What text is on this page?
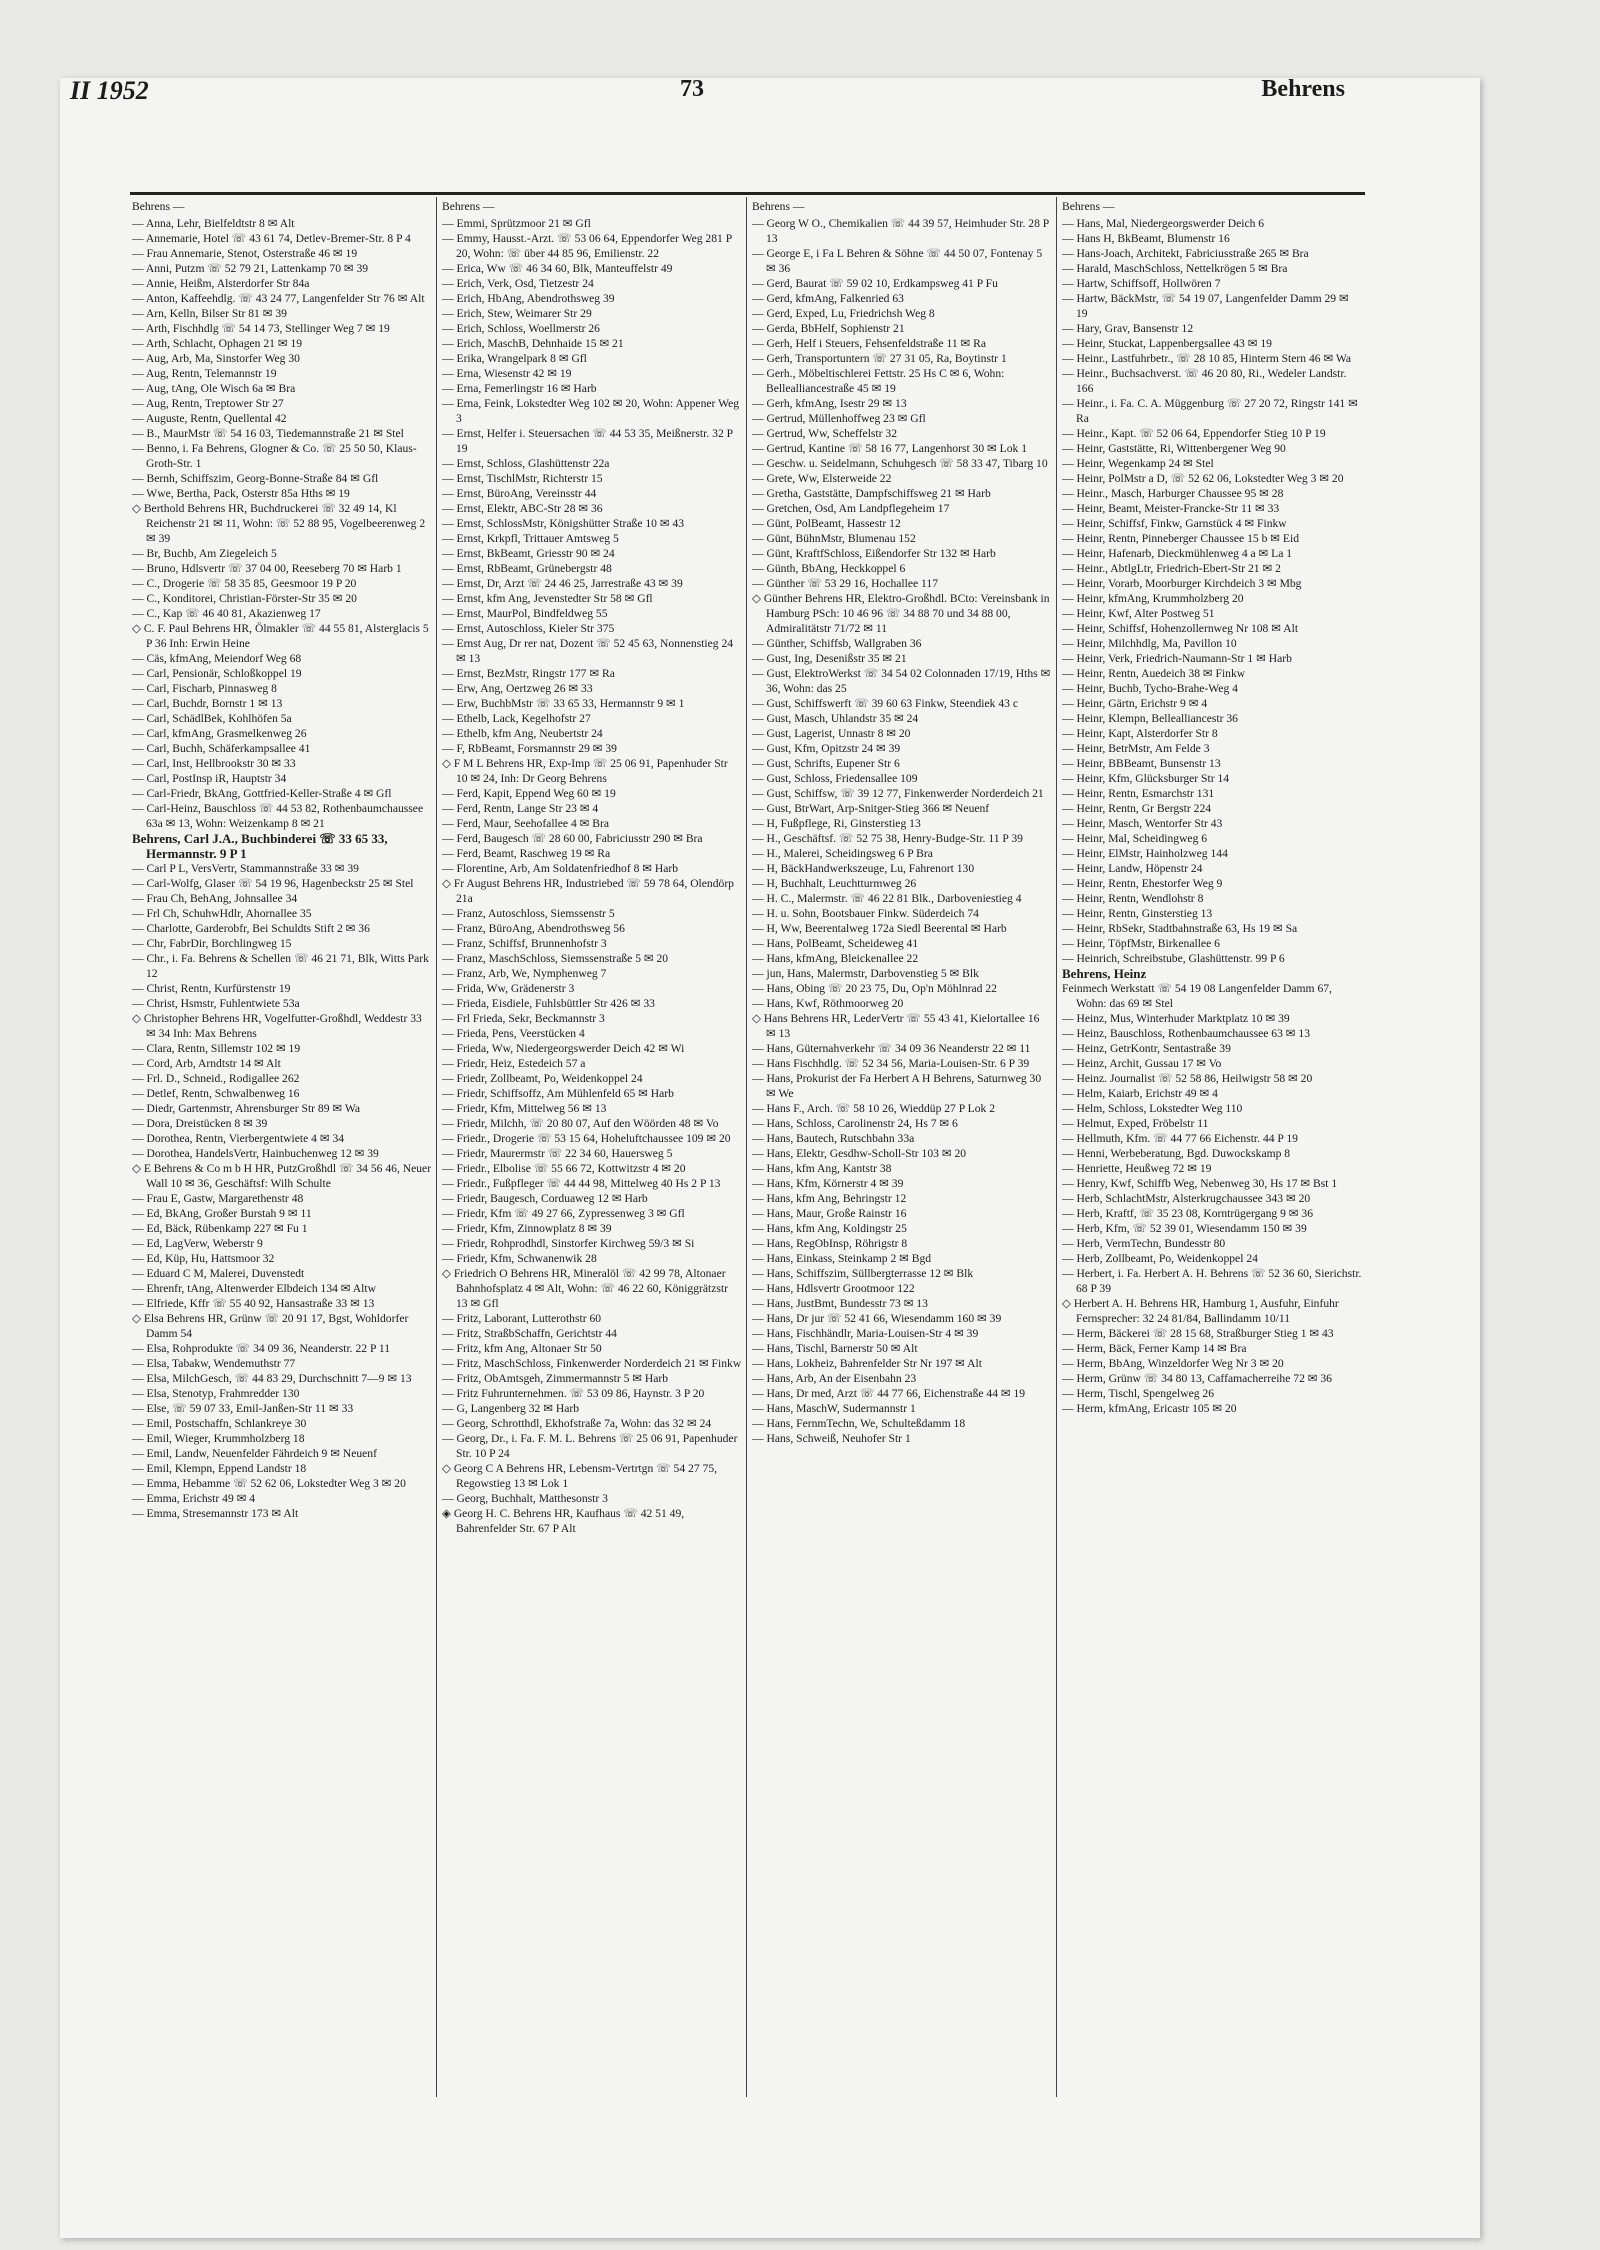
II 1952	73	Behrens
Behrens —

— Anna, Lehr, Bielfeldtstr 8 ✉ Alt

— Annemarie, Hotel ☏ 43 61 74, Detlev-Bremer-Str. 8 P 4

— Frau Annemarie, Stenot, Osterstraße 46 ✉ 19

— Anni, Putzm ☏ 52 79 21, Lattenkamp 70 ✉ 39

— Annie, Heißm, Alsterdorfer Str 84a

— Anton, Kaffeehdlg. ☏ 43 24 77, Langenfelder Str 76 ✉ Alt

— Arn, Kelln, Bilser Str 81 ✉ 39

— Arth, Fischhdlg ☏ 54 14 73, Stellinger Weg 7 ✉ 19

— Arth, Schlacht, Ophagen 21 ✉ 19

— Aug, Arb, Ma, Sinstorfer Weg 30

— Aug, Rentn, Telemannstr 19

— Aug, tAng, Ole Wisch 6a ✉ Bra

— Aug, Rentn, Treptower Str 27

— Auguste, Rentn, Quellental 42

— B., MaurMstr ☏ 54 16 03, Tiedemannstraße 21 ✉ Stel

— Benno, i. Fa Behrens, Glogner & Co. ☏ 25 50 50, Klaus-Groth-Str. 1

— Bernh, Schiffszim, Georg-Bonne-Straße 84 ✉ Gfl

— Wwe, Bertha, Pack, Osterstr 85a Hths ✉ 19

◇ Berthold Behrens HR, Buchdruckerei ☏ 32 49 14, Kl Reichenstr 21 ✉ 11, Wohn: ☏ 52 88 95, Vogelbeerenweg 2 ✉ 39

— Br, Buchb, Am Ziegeleich 5

— Bruno, Hdlsvertr ☏ 37 04 00, Reeseberg 70 ✉ Harb 1

— C., Drogerie ☏ 58 35 85, Geesmoor 19 P 20

— C., Konditorei, Christian-Förster-Str 35 ✉ 20

— C., Kap ☏ 46 40 81, Akazienweg 17

◇ C. F. Paul Behrens HR, Ölmakler ☏ 44 55 81, Alsterglacis 5 P 36 Inh: Erwin Heine

— Cäs, kfmAng, Meiendorf Weg 68

— Carl, Pensionär, Schloßkoppel 19

— Carl, Fischarb, Pinnasweg 8

— Carl, Buchdr, Bornstr 1 ✉ 13

— Carl, SchädlBek, Kohlhöfen 5a

— Carl, kfmAng, Grasmelkenweg 26

— Carl, Buchh, Schäferkampsallee 41

— Carl, Inst, Hellbrookstr 30 ✉ 33

— Carl, PostInsp iR, Hauptstr 34

— Carl-Friedr, BkAng, Gottfried-Keller-Straße 4 ✉ Gfl

— Carl-Heinz, Bauschloss ☏ 44 53 82, Rothenbaumchaussee 63a ✉ 13, Wohn: Weizenkamp 8 ✉ 21

Behrens, Carl J.A., Buchbinderei ☏ 33 65 33, Hermannstr. 9 P 1

— Carl P L, VersVertr, Stammannstraße 33 ✉ 39

— Carl-Wolfg, Glaser ☏ 54 19 96, Hagenbeckstr 25 ✉ Stel

— Frau Ch, BehAng, Johnsallee 34

— Frl Ch, SchuhwHdlr, Ahornallee 35

— Charlotte, Garderobfr, Bei Schuldts Stift 2 ✉ 36

— Chr, FabrDir, Borchlingweg 15

— Chr., i. Fa. Behrens & Schellen ☏ 46 21 71, Blk, Witts Park 12

— Christ, Rentn, Kurfürstenstr 19

— Christ, Hsmstr, Fuhlentwiete 53a

◇ Christopher Behrens HR, Vogelfutter-Großhdl, Weddestr 33 ✉ 34 Inh: Max Behrens

— Clara, Rentn, Sillemstr 102 ✉ 19

— Cord, Arb, Arndtstr 14 ✉ Alt

— Frl. D., Schneid., Rodigallee 262

— Detlef, Rentn, Schwalbenweg 16

— Diedr, Gartenmstr, Ahrensburger Str 89 ✉ Wa

— Dora, Dreistücken 8 ✉ 39

— Dorothea, Rentn, Vierbergentwiete 4 ✉ 34

— Dorothea, HandelsVertr, Hainbuchenweg 12 ✉ 39

◇ E Behrens & Co m b H HR, PutzGroßhdl ☏ 34 56 46, Neuer Wall 10 ✉ 36, Geschäftsf: Wilh Schulte

— Frau E, Gastw, Margarethenstr 48

— Ed, BkAng, Großer Burstah 9 ✉ 11

— Ed, Bäck, Rübenkamp 227 ✉ Fu 1

— Ed, LagVerw, Weberstr 9

— Ed, Küp, Hu, Hattsmoor 32

— Eduard C M, Malerei, Duvenstedt

— Ehrenfr, tAng, Altenwerder Elbdeich 134 ✉ Altw

— Elfriede, Kffr ☏ 55 40 92, Hansastraße 33 ✉ 13

◇ Elsa Behrens HR, Grünw ☏ 20 91 17, Bgst, Wohldorfer Damm 54

— Elsa, Rohprodukte ☏ 34 09 36, Neanderstr. 22 P 11

— Elsa, Tabakw, Wendemuthstr 77

— Elsa, MilchGesch, ☏ 44 83 29, Durchschnitt 7—9 ✉ 13

— Elsa, Stenotyp, Frahmredder 130

— Else, ☏ 59 07 33, Emil-Janßen-Str 11 ✉ 33

— Emil, Postschaffn, Schlankreye 30

— Emil, Wieger, Krummholzberg 18

— Emil, Landw, Neuenfelder Fährdeich 9 ✉ Neuenf

— Emil, Klempn, Eppend Landstr 18

— Emma, Hebamme ☏ 52 62 06, Lokstedter Weg 3 ✉ 20

— Emma, Erichstr 49 ✉ 4

— Emma, Stresemannstr 173 ✉ Alt

Behrens —

— Emmi, Sprützmoor 21 ✉ Gfl

— Emmy, Hausst.-Arzt. ☏ 53 06 64, Eppendorfer Weg 281 P 20, Wohn: ☏ über 44 85 96, Emilienstr. 22

— Erica, Ww ☏ 46 34 60, Blk, Manteuffelstr 49

— Erich, Verk, Osd, Tietzestr 24

— Erich, HbAng, Abendrothsweg 39

— Erich, Stew, Weimarer Str 29

— Erich, Schloss, Woellmerstr 26

— Erich, MaschB, Dehnhaide 15 ✉ 21

— Erika, Wrangelpark 8 ✉ Gfl

— Erna, Wiesenstr 42 ✉ 19

— Erna, Femerlingstr 16 ✉ Harb

— Erna, Feink, Lokstedter Weg 102 ✉ 20, Wohn: Appener Weg 3

— Ernst, Helfer i. Steuersachen ☏ 44 53 35, Meißnerstr. 32 P 19

— Ernst, Schloss, Glashüttenstr 22a

— Ernst, TischlMstr, Richterstr 15

— Ernst, BüroAng, Vereinsstr 44

— Ernst, Elektr, ABC-Str 28 ✉ 36

— Ernst, SchlossMstr, Königshütter Straße 10 ✉ 43

— Ernst, Krkpfl, Trittauer Amtsweg 5

— Ernst, BkBeamt, Griesstr 90 ✉ 24

— Ernst, RbBeamt, Grünebergstr 48

— Ernst, Dr, Arzt ☏ 24 46 25, Jarrestraße 43 ✉ 39

— Ernst, kfm Ang, Jevenstedter Str 58 ✉ Gfl

— Ernst, MaurPol, Bindfeldweg 55

— Ernst, Autoschloss, Kieler Str 375

— Ernst Aug, Dr rer nat, Dozent ☏ 52 45 63, Nonnenstieg 24 ✉ 13

— Ernst, BezMstr, Ringstr 177 ✉ Ra

— Erw, Ang, Oertzweg 26 ✉ 33

— Erw, BuchbMstr ☏ 33 65 33, Hermannstr 9 ✉ 1

— Ethelb, Lack, Kegelhofstr 27

— Ethelb, kfm Ang, Neubertstr 24

— F, RbBeamt, Forsmannstr 29 ✉ 39

◇ F M L Behrens HR, Exp-Imp ☏ 25 06 91, Papenhuder Str 10 ✉ 24, Inh: Dr Georg Behrens

— Ferd, Kapit, Eppend Weg 60 ✉ 19

— Ferd, Rentn, Lange Str 23 ✉ 4

— Ferd, Maur, Seehofallee 4 ✉ Bra

— Ferd, Baugesch ☏ 28 60 00, Fabriciusstr 290 ✉ Bra

— Ferd, Beamt, Raschweg 19 ✉ Ra

— Florentine, Arb, Am Soldatenfriedhof 8 ✉ Harb

◇ Fr August Behrens HR, Industriebed ☏ 59 78 64, Olendörp 21a

— Franz, Autoschloss, Siemssenstr 5

— Franz, BüroAng, Abendrothsweg 56

— Franz, Schiffsf, Brunnenhofstr 3

— Franz, MaschSchloss, Siemssenstraße 5 ✉ 20

— Franz, Arb, We, Nymphenweg 7

— Frida, Ww, Grädenerstr 3

— Frieda, Eisdiele, Fuhlsbüttler Str 426 ✉ 33

— Frl Frieda, Sekr, Beckmannstr 3

— Frieda, Pens, Veerstücken 4

— Frieda, Ww, Niedergeorgswerder Deich 42 ✉ Wi

— Friedr, Heiz, Estedeich 57 a

— Friedr, Zollbeamt, Po, Weidenkoppel 24

— Friedr, Schiffsoffz, Am Mühlenfeld 65 ✉ Harb

— Friedr, Kfm, Mittelweg 56 ✉ 13

— Friedr, Milchh, ☏ 20 80 07, Auf den Wöörden 48 ✉ Vo

— Friedr., Drogerie ☏ 53 15 64, Hoheluftchaussee 109 ✉ 20

— Friedr, Maurermstr ☏ 22 34 60, Hauersweg 5

— Friedr., Elbolise ☏ 55 66 72, Kottwitzstr 4 ✉ 20

— Friedr., Fußpfleger ☏ 44 44 98, Mittelweg 40 Hs 2 P 13

— Friedr, Baugesch, Corduaweg 12 ✉ Harb

— Friedr, Kfm ☏ 49 27 66, Zypressenweg 3 ✉ Gfl

— Friedr, Kfm, Zinnowplatz 8 ✉ 39

— Friedr, Rohprodhdl, Sinstorfer Kirchweg 59/3 ✉ Si

— Friedr, Kfm, Schwanenwik 28

◇ Friedrich O Behrens HR, Mineralöl ☏ 42 99 78, Altonaer Bahnhofsplatz 4 ✉ Alt, Wohn: ☏ 46 22 60, Königgrätzstr 13 ✉ Gfl

— Fritz, Laborant, Lutterothstr 60

— Fritz, StraßbSchaffn, Gerichtstr 44

— Fritz, kfm Ang, Altonaer Str 50

— Fritz, MaschSchloss, Finkenwerder Norderdeich 21 ✉ Finkw

— Fritz, ObAmtsgeh, Zimmermannstr 5 ✉ Harb

— Fritz Fuhrunternehmen. ☏ 53 09 86, Haynstr. 3 P 20

— G, Langenberg 32 ✉ Harb

— Georg, Schrotthdl, Ekhofstraße 7a, Wohn: das 32 ✉ 24

— Georg, Dr., i. Fa. F. M. L. Behrens ☏ 25 06 91, Papenhuder Str. 10 P 24

◇ Georg C A Behrens HR, Lebensm-Vertrtgn ☏ 54 27 75, Regowstieg 13 ✉ Lok 1

— Georg, Buchhalt, Matthesonstr 3

◈ Georg H. C. Behrens HR, Kaufhaus ☏ 42 51 49, Bahrenfelder Str. 67 P Alt

Behrens —

— Georg W O., Chemikalien ☏ 44 39 57, Heimhuder Str. 28 P 13

— George E, i Fa L Behren & Söhne ☏ 44 50 07, Fontenay 5 ✉ 36

— Gerd, Baurat ☏ 59 02 10, Erdkampsweg 41 P Fu

— Gerd, kfmAng, Falkenried 63

— Gerd, Exped, Lu, Friedrichsh Weg 8

— Gerda, BbHelf, Sophienstr 21

— Gerh, Helf i Steuers, Fehsenfeldstraße 11 ✉ Ra

— Gerh, Transportuntern ☏ 27 31 05, Ra, Boytinstr 1

— Gerh., Möbeltischlerei Fettstr. 25 Hs C ✉ 6, Wohn: Bellealliancestraße 45 ✉ 19

— Gerh, kfmAng, Isestr 29 ✉ 13

— Gertrud, Müllenhoffweg 23 ✉ Gfl

— Gertrud, Ww, Scheffelstr 32

— Gertrud, Kantine ☏ 58 16 77, Langenhorst 30 ✉ Lok 1

— Geschw. u. Seidelmann, Schuhgesch ☏ 58 33 47, Tibarg 10

— Grete, Ww, Elsterweide 22

— Gretha, Gaststätte, Dampfschiffsweg 21 ✉ Harb

— Gretchen, Osd, Am Landpflegeheim 17

— Günt, PolBeamt, Hassestr 12

— Günt, BühnMstr, Blumenau 152

— Günt, KraftfSchloss, Eißendorfer Str 132 ✉ Harb

— Günth, BbAng, Heckkoppel 6

— Günther ☏ 53 29 16, Hochallee 117

◇ Günther Behrens HR, Elektro-Großhdl. BCto: Vereinsbank in Hamburg PSch: 10 46 96 ☏ 34 88 70 und 34 88 00, Admiralitätstr 71/72 ✉ 11

— Günther, Schiffsb, Wallgraben 36

— Gust, Ing, Desenißstr 35 ✉ 21

— Gust, ElektroWerkst ☏ 34 54 02 Colonnaden 17/19, Hths ✉ 36, Wohn: das 25

— Gust, Schiffswerft ☏ 39 60 63 Finkw, Steendiek 43 c

— Gust, Masch, Uhlandstr 35 ✉ 24

— Gust, Lagerist, Unnastr 8 ✉ 20

— Gust, Kfm, Opitzstr 24 ✉ 39

— Gust, Schrifts, Eupener Str 6

— Gust, Schloss, Friedensallee 109

— Gust, Schiffsw, ☏ 39 12 77, Finkenwerder Norderdeich 21

— Gust, BtrWart, Arp-Snitger-Stieg 366 ✉ Neuenf

— H, Fußpflege, Ri, Ginsterstieg 13

— H., Geschäftsf. ☏ 52 75 38, Henry-Budge-Str. 11 P 39

— H., Malerei, Scheidingsweg 6 P Bra

— H, BäckHandwerkszeuge, Lu, Fahrenort 130

— H, Buchhalt, Leuchtturmweg 26

— H. C., Malermstr. ☏ 46 22 81 Blk., Darboveniestieg 4

— H. u. Sohn, Bootsbauer Finkw. Süderdeich 74

— H, Ww, Beerentalweg 172a Siedl Beerental ✉ Harb

— Hans, PolBeamt, Scheideweg 41

— Hans, kfmAng, Bleickenallee 22

— jun, Hans, Malermstr, Darbovenstieg 5 ✉ Blk

— Hans, Obing ☏ 20 23 75, Du, Op'n Möhlnrad 22

— Hans, Kwf, Röthmoorweg 20

◇ Hans Behrens HR, LederVertr ☏ 55 43 41, Kielortallee 16 ✉ 13

— Hans, Güternahverkehr ☏ 34 09 36 Neanderstr 22 ✉ 11

— Hans Fischhdlg. ☏ 52 34 56, Maria-Louisen-Str. 6 P 39

— Hans, Prokurist der Fa Herbert A H Behrens, Saturnweg 30 ✉ We

— Hans F., Arch. ☏ 58 10 26, Wieddüp 27 P Lok 2

— Hans, Schloss, Carolinenstr 24, Hs 7 ✉ 6

— Hans, Bautech, Rutschbahn 33a

— Hans, Elektr, Gesdhw-Scholl-Str 103 ✉ 20

— Hans, kfm Ang, Kantstr 38

— Hans, Kfm, Körnerstr 4 ✉ 39

— Hans, kfm Ang, Behringstr 12

— Hans, Maur, Große Rainstr 16

— Hans, kfm Ang, Koldingstr 25

— Hans, RegObInsp, Röhrigstr 8

— Hans, Einkass, Steinkamp 2 ✉ Bgd

— Hans, Schiffszim, Süllbergterrasse 12 ✉ Blk

— Hans, Hdlsvertr Grootmoor 122

— Hans, JustBmt, Bundesstr 73 ✉ 13

— Hans, Dr jur ☏ 52 41 66, Wiesendamm 160 ✉ 39

— Hans, Fischhändlr, Maria-Louisen-Str 4 ✉ 39

— Hans, Tischl, Barnerstr 50 ✉ Alt

— Hans, Lokheiz, Bahrenfelder Str Nr 197 ✉ Alt

— Hans, Arb, An der Eisenbahn 23

— Hans, Dr med, Arzt ☏ 44 77 66, Eichenstraße 44 ✉ 19

— Hans, MaschW, Sudermannstr 1

— Hans, FernmTechn, We, Schulteßdamm 18

— Hans, Schweiß, Neuhofer Str 1

Behrens —

— Hans, Mal, Niedergeorgswerder Deich 6

— Hans H, BkBeamt, Blumenstr 16

— Hans-Joach, Architekt, Fabriciusstraße 265 ✉ Bra

— Harald, MaschSchloss, Nettelkrögen 5 ✉ Bra

— Hartw, Schiffsoff, Hollwören 7

— Hartw, BäckMstr, ☏ 54 19 07, Langenfelder Damm 29 ✉ 19

— Hary, Grav, Bansenstr 12

— Heinr, Stuckat, Lappenbergsallee 43 ✉ 19

— Heinr., Lastfuhrbetr., ☏ 28 10 85, Hinterm Stern 46 ✉ Wa

— Heinr., Buchsachverst. ☏ 46 20 80, Ri., Wedeler Landstr. 166

— Heinr., i. Fa. C. A. Müggenburg ☏ 27 20 72, Ringstr 141 ✉ Ra

— Heinr., Kapt. ☏ 52 06 64, Eppendorfer Stieg 10 P 19

— Heinr, Gaststätte, Ri, Wittenbergener Weg 90

— Heinr, Wegenkamp 24 ✉ Stel

— Heinr, PolMstr a D, ☏ 52 62 06, Lokstedter Weg 3 ✉ 20

— Heinr., Masch, Harburger Chaussee 95 ✉ 28

— Heinr, Beamt, Meister-Francke-Str 11 ✉ 33

— Heinr, Schiffsf, Finkw, Garnstück 4 ✉ Finkw

— Heinr, Rentn, Pinneberger Chaussee 15 b ✉ Eid

— Heinr, Hafenarb, Dieckmühlenweg 4 a ✉ La 1

— Heinr., AbtlgLtr, Friedrich-Ebert-Str 21 ✉ 2

— Heinr, Vorarb, Moorburger Kirchdeich 3 ✉ Mbg

— Heinr, kfmAng, Krummholzberg 20

— Heinr, Kwf, Alter Postweg 51

— Heinr, Schiffsf, Hohenzollernweg Nr 108 ✉ Alt

— Heinr, Milchhdlg, Ma, Pavillon 10

— Heinr, Verk, Friedrich-Naumann-Str 1 ✉ Harb

— Heinr, Rentn, Auedeich 38 ✉ Finkw

— Heinr, Buchb, Tycho-Brahe-Weg 4

— Heinr, Gärtn, Erichstr 9 ✉ 4

— Heinr, Klempn, Bellealliancestr 36

— Heinr, Kapt, Alsterdorfer Str 8

— Heinr, BetrMstr, Am Felde 3

— Heinr, BBBeamt, Bunsenstr 13

— Heinr, Kfm, Glücksburger Str 14

— Heinr, Rentn, Esmarchstr 131

— Heinr, Rentn, Gr Bergstr 224

— Heinr, Masch, Wentorfer Str 43

— Heinr, Mal, Scheidingweg 6

— Heinr, ElMstr, Hainholzweg 144

— Heinr, Landw, Höpenstr 24

— Heinr, Rentn, Ehestorfer Weg 9

— Heinr, Rentn, Wendlohstr 8

— Heinr, Rentn, Ginsterstieg 13

— Heinr, RbSekr, Stadtbahnstraße 63, Hs 19 ✉ Sa

— Heinr, TöpfMstr, Birkenallee 6

— Heinrich, Schreibstube, Glashüttenstr. 99 P 6

Behrens, Heinz

Feinmech Werkstatt ☏ 54 19 08 Langenfelder Damm 67, Wohn: das 69 ✉ Stel

— Heinz, Mus, Winterhuder Marktplatz 10 ✉ 39

— Heinz, Bauschloss, Rothenbaumchaussee 63 ✉ 13

— Heinz, GetrKontr, Sentastraße 39

— Heinz, Archit, Gussau 17 ✉ Vo

— Heinz. Journalist ☏ 52 58 86, Heilwigstr 58 ✉ 20

— Helm, Kaiarb, Erichstr 49 ✉ 4

— Helm, Schloss, Lokstedter Weg 110

— Helmut, Exped, Fröbelstr 11

— Hellmuth, Kfm. ☏ 44 77 66 Eichenstr. 44 P 19

— Henni, Werbeberatung, Bgd. Duwockskamp 8

— Henriette, Heußweg 72 ✉ 19

— Henry, Kwf, Schiffb Weg, Nebenweg 30, Hs 17 ✉ Bst 1

— Herb, SchlachtMstr, Alsterkrugchaussee 343 ✉ 20

— Herb, Kraftf, ☏ 35 23 08, Korntrügergang 9 ✉ 36

— Herb, Kfm, ☏ 52 39 01, Wiesendamm 150 ✉ 39

— Herb, VermTechn, Bundesstr 80

— Herb, Zollbeamt, Po, Weidenkoppel 24

— Herbert, i. Fa. Herbert A. H. Behrens ☏ 52 36 60, Sierichstr. 68 P 39

◇ Herbert A. H. Behrens HR, Hamburg 1, Ausfuhr, Einfuhr Fernsprecher: 32 24 81/84, Ballindamm 10/11

— Herm, Bäckerei ☏ 28 15 68, Straßburger Stieg 1 ✉ 43

— Herm, Bäck, Ferner Kamp 14 ✉ Bra

— Herm, BbAng, Winzeldorfer Weg Nr 3 ✉ 20

— Herm, Grünw ☏ 34 80 13, Caffamacherreihe 72 ✉ 36

— Herm, Tischl, Spengelweg 26

— Herm, kfmAng, Ericastr 105 ✉ 20
